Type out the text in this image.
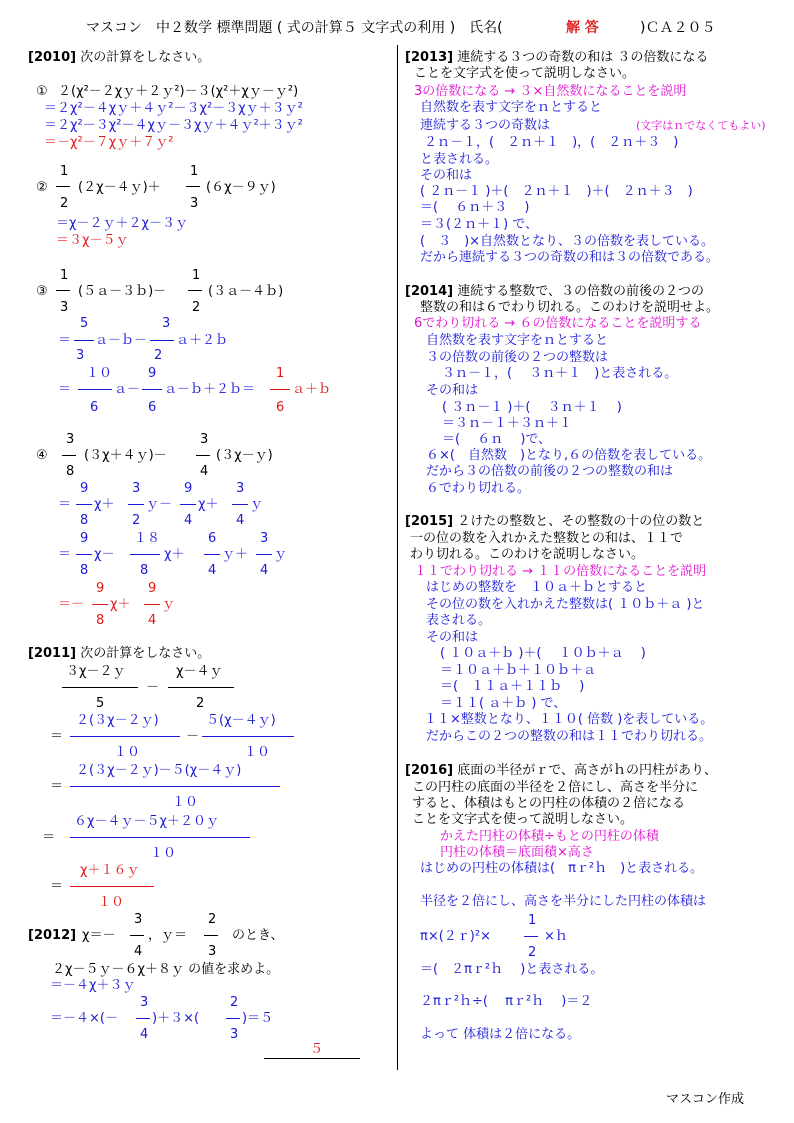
マスコン　中２数学 標準問題 ( 式の計算５ 文字式の利用 )　氏名(	解 答	)ＣＡ２０５
[2010] 次の計算をしなさい。
① ２(χ²－２χｙ＋２ｙ²)－３(χ²＋χｙ－ｙ²)
＝２χ²－４χｙ＋４ｙ²－３χ²－３χｙ＋３ｙ²
＝２χ²－３χ²－４χｙ－３χｙ＋４ｙ²＋３ｙ²
＝－χ²－７χｙ＋７ｙ²
1
2
② (２χ－４ｙ)＋
1
3
(６χ－９ｙ)
＝χ－２ｙ＋２χ－３ｙ
＝３χ－５ｙ
1
3
③ (５ａ－３ｂ)－
1
2
(３ａ－４ｂ)
5
3
＝ ａ－ｂ－
3
2
ａ＋２ｂ
１０
6
＝	ａ－
9
6
ａ－ｂ＋２ｂ＝
1
6
ａ＋ｂ
3
8
④	(３χ＋４ｙ)－
3
4
(３χ－ｙ)
＝
9
8
χ＋
3
2
ｙ－
9
4
χ＋
3
4
ｙ
＝
9
8
χ－
１８
8
χ＋
6
4
ｙ＋
3
4
ｙ
＝－
9
8
χ＋
9
4
ｙ
[2011] 次の計算をしなさい。
３χ－２ｙ
5
－
χ－４ｙ
2
＝
２(３χ－２ｙ)
１０
－
５(χ－４ｙ)
１０
＝
２(３χ－２ｙ)－５(χ－４ｙ)
１０
＝
６χ－４ｙ－５χ＋２０ｙ
１０
＝
χ＋１６ｙ
１０
[2012] χ＝－
3
4
，ｙ＝
2
3
のとき、
２χ－５ｙ－６χ＋８ｙ の値を求めよ。
＝－４χ＋３ｙ
＝－４×(－
3
4
)＋３×(
2
3
)＝５
５
[2013] 連続する３つの奇数の和は ３の倍数になる
ことを文字式を使って説明しなさい。
3の倍数になる → ３×自然数になることを説明
自然数を表す文字をｎとすると
連続する３つの奇数は	(文字はｎでなくてもよい)
２ｎ－１，(　２ｎ＋１　)，(　２ｎ＋３　)
と表される。
その和は
( ２ｎ－１ )＋(　２ｎ＋１　)＋(　２ｎ＋３　)
＝(　 ６ｎ＋３　 )
＝３(２ｎ＋１) で、
(　３　)×自然数となり、３の倍数を表している。
だから連続する３つの奇数の和は３の倍数である。
[2014] 連続する整数で、３の倍数の前後の２つの
整数の和は６でわり切れる。このわけを説明せよ。
6でわり切れる → ６の倍数になることを説明する
自然数を表す文字をｎとすると
３の倍数の前後の２つの整数は
３ｎ－１，(　 ３ｎ＋１　)と表される。
その和は
( ３ｎ－１ )＋(　 ３ｎ＋１　 )
＝３ｎ－１＋３ｎ＋１
＝(　 ６ｎ　 )で、
６×(　自然数　)となり,６の倍数を表している。
だから３の倍数の前後の２つの整数の和は
６でわり切れる。
[2015] ２けたの整数と、その整数の十の位の数と
一の位の数を入れかえた整数との和は、１１で
わり切れる。このわけを説明しなさい。
１１でわり切れる → １１の倍数になることを説明
はじめの整数を　１０ａ＋ｂとすると
その位の数を入れかえた整数は( １０ｂ＋ａ )と
表される。
その和は
( １０ａ＋ｂ )＋(　 １０ｂ＋ａ　 )
＝１０ａ＋ｂ＋１０ｂ＋ａ
＝(　１１ａ＋１１ｂ　 )
＝１１( ａ＋ｂ ) で、
１１×整数となり、１１０( 倍数 )を表している。
だからこの２つの整数の和は１１でわり切れる。
[2016] 底面の半径がｒで、高さがｈの円柱があり、
この円柱の底面の半径を２倍にし、高さを半分に
すると、体積はもとの円柱の体積の２倍になる
ことを文字式を使って説明しなさい。
かえた円柱の体積÷もとの円柱の体積
円柱の体積＝底面積×高さ
はじめの円柱の体積は(　πｒ²ｈ　)と表される。
半径を２倍にし、高さを半分にした円柱の体積は
π×(２ｒ)²×
1
2
×ｈ
＝(　２πｒ²ｈ　 )と表される。
２πｒ²ｈ÷(　 πｒ²ｈ　 )＝２
よって 体積は２倍になる。
マスコン作成
